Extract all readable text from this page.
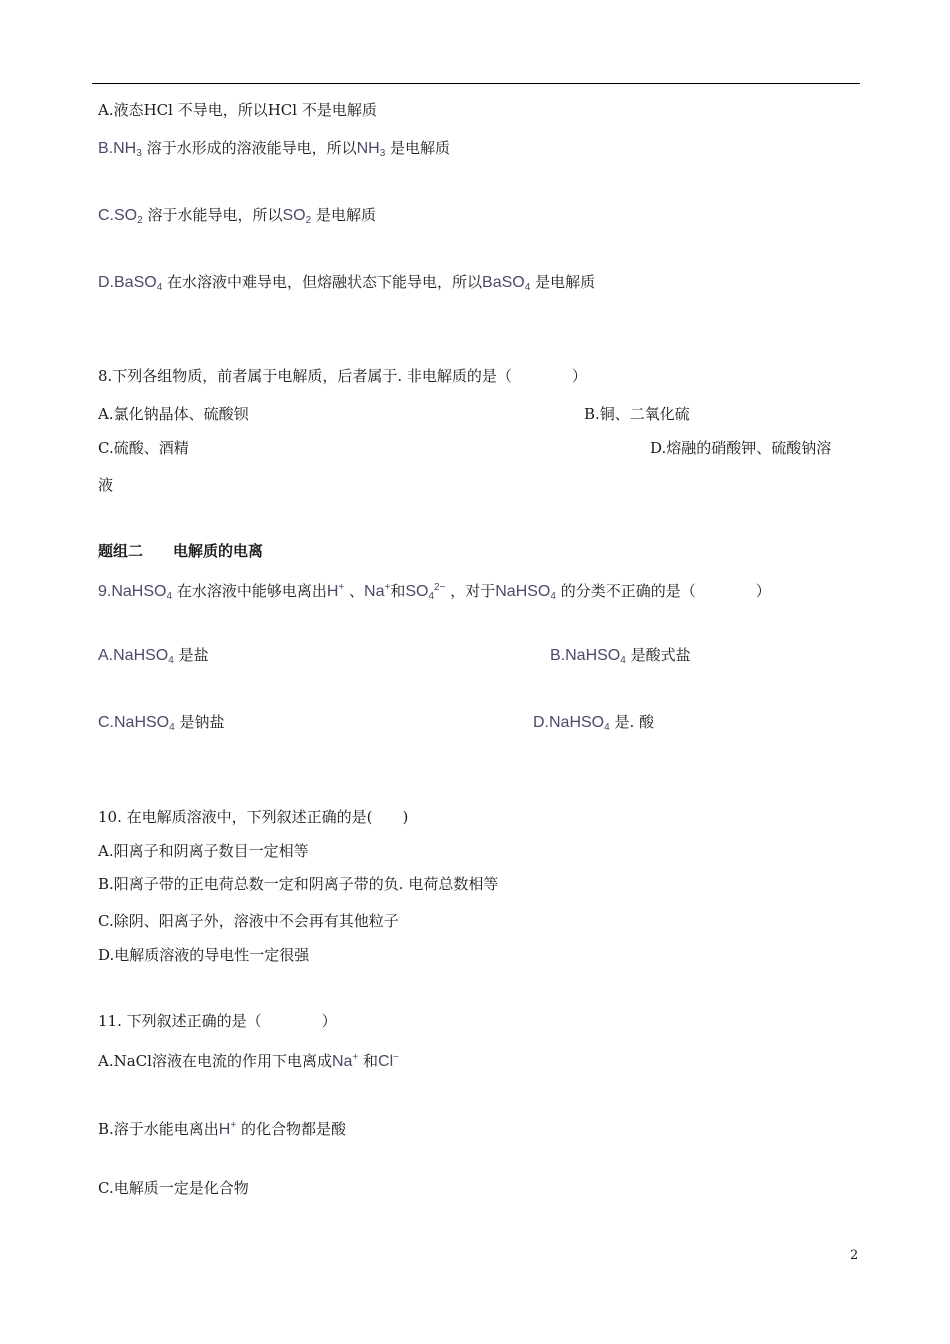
A.液态HCl 不导电，所以HCl 不是电解质
$B.NH_3$ 溶于水形成的溶液能导电，所以$NH_3$ 是电解质
$C.SO_2$ 溶于水能导电，所以$SO_2$ 是电解质
D.BaSO$_4$ 在水溶液中难导电，但熔融状态下能导电，所以BaSO$_4$ 是电解质
8.下列各组物质，前者属于电解质，后者属于. 非电解质的是（　　　　）
A.氯化钠晶体、硫酸钡	B.铜、二氧化硫
C.硫酸、酒精	D.熔融的硝酸钾、硫酸钠溶
液
题组二 电解质的电离
9.NaHSO$_4$ 在水溶液中能够电离出H+ 、Na+和$SO_4^{2-}$ ，对于NaHSO$_4$ 的分类不正确的是（　　　　）
A.NaHSO$_4$ 是盐	B.NaHSO$_4$ 是酸式盐
C.NaHSO$_4$ 是钠盐	D.NaHSO$_4$ 是. 酸
10. 在电解质溶液中，下列叙述正确的是(　　)
A.阳离子和阴离子数目一定相等
B.阳离子带的正电荷总数一定和阴离子带的负. 电荷总数相等
C.除阴、阳离子外，溶液中不会再有其他粒子
D.电解质溶液的导电性一定很强
11. 下列叙述正确的是（　　　　）
A.NaCl溶液在电流的作用下电离成Na+ 和Cl−
B.溶于水能电离出H+ 的化合物都是酸
C.电解质一定是化合物
2
